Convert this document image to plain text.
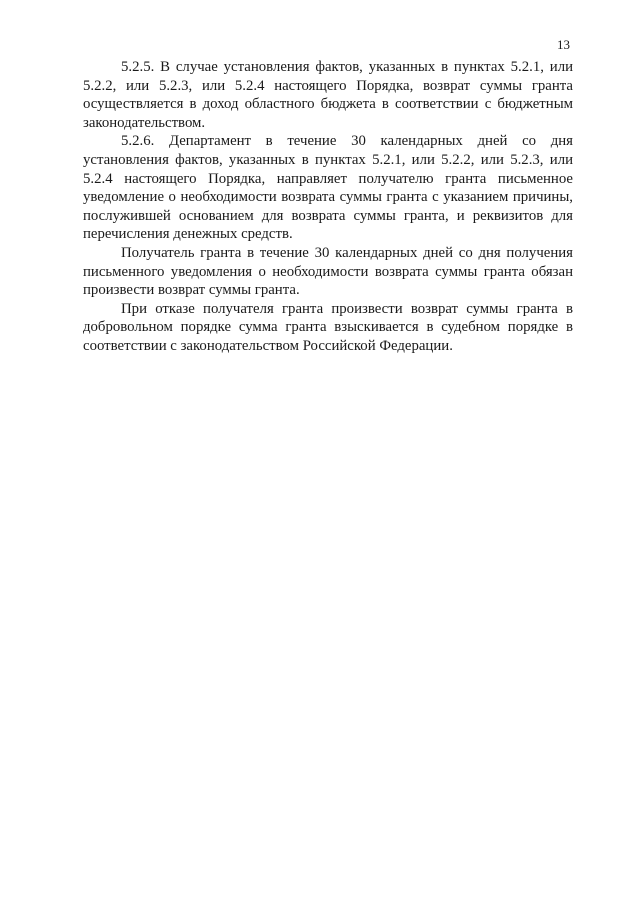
13

5.2.5. В случае установления фактов, указанных в пунктах 5.2.1, или 5.2.2, или 5.2.3, или 5.2.4 настоящего Порядка, возврат суммы гранта осуществляется в доход областного бюджета в соответствии с бюджетным законодательством.

5.2.6. Департамент в течение 30 календарных дней со дня установления фактов, указанных в пунктах 5.2.1, или 5.2.2, или 5.2.3, или 5.2.4 настоящего Порядка, направляет получателю гранта письменное уведомление о необходимости возврата суммы гранта с указанием причины, послужившей основанием для возврата суммы гранта, и реквизитов для перечисления денежных средств.

Получатель гранта в течение 30 календарных дней со дня получения письменного уведомления о необходимости возврата суммы гранта обязан произвести возврат суммы гранта.

При отказе получателя гранта произвести возврат суммы гранта в добровольном порядке сумма гранта взыскивается в судебном порядке в соответствии с законодательством Российской Федерации.
